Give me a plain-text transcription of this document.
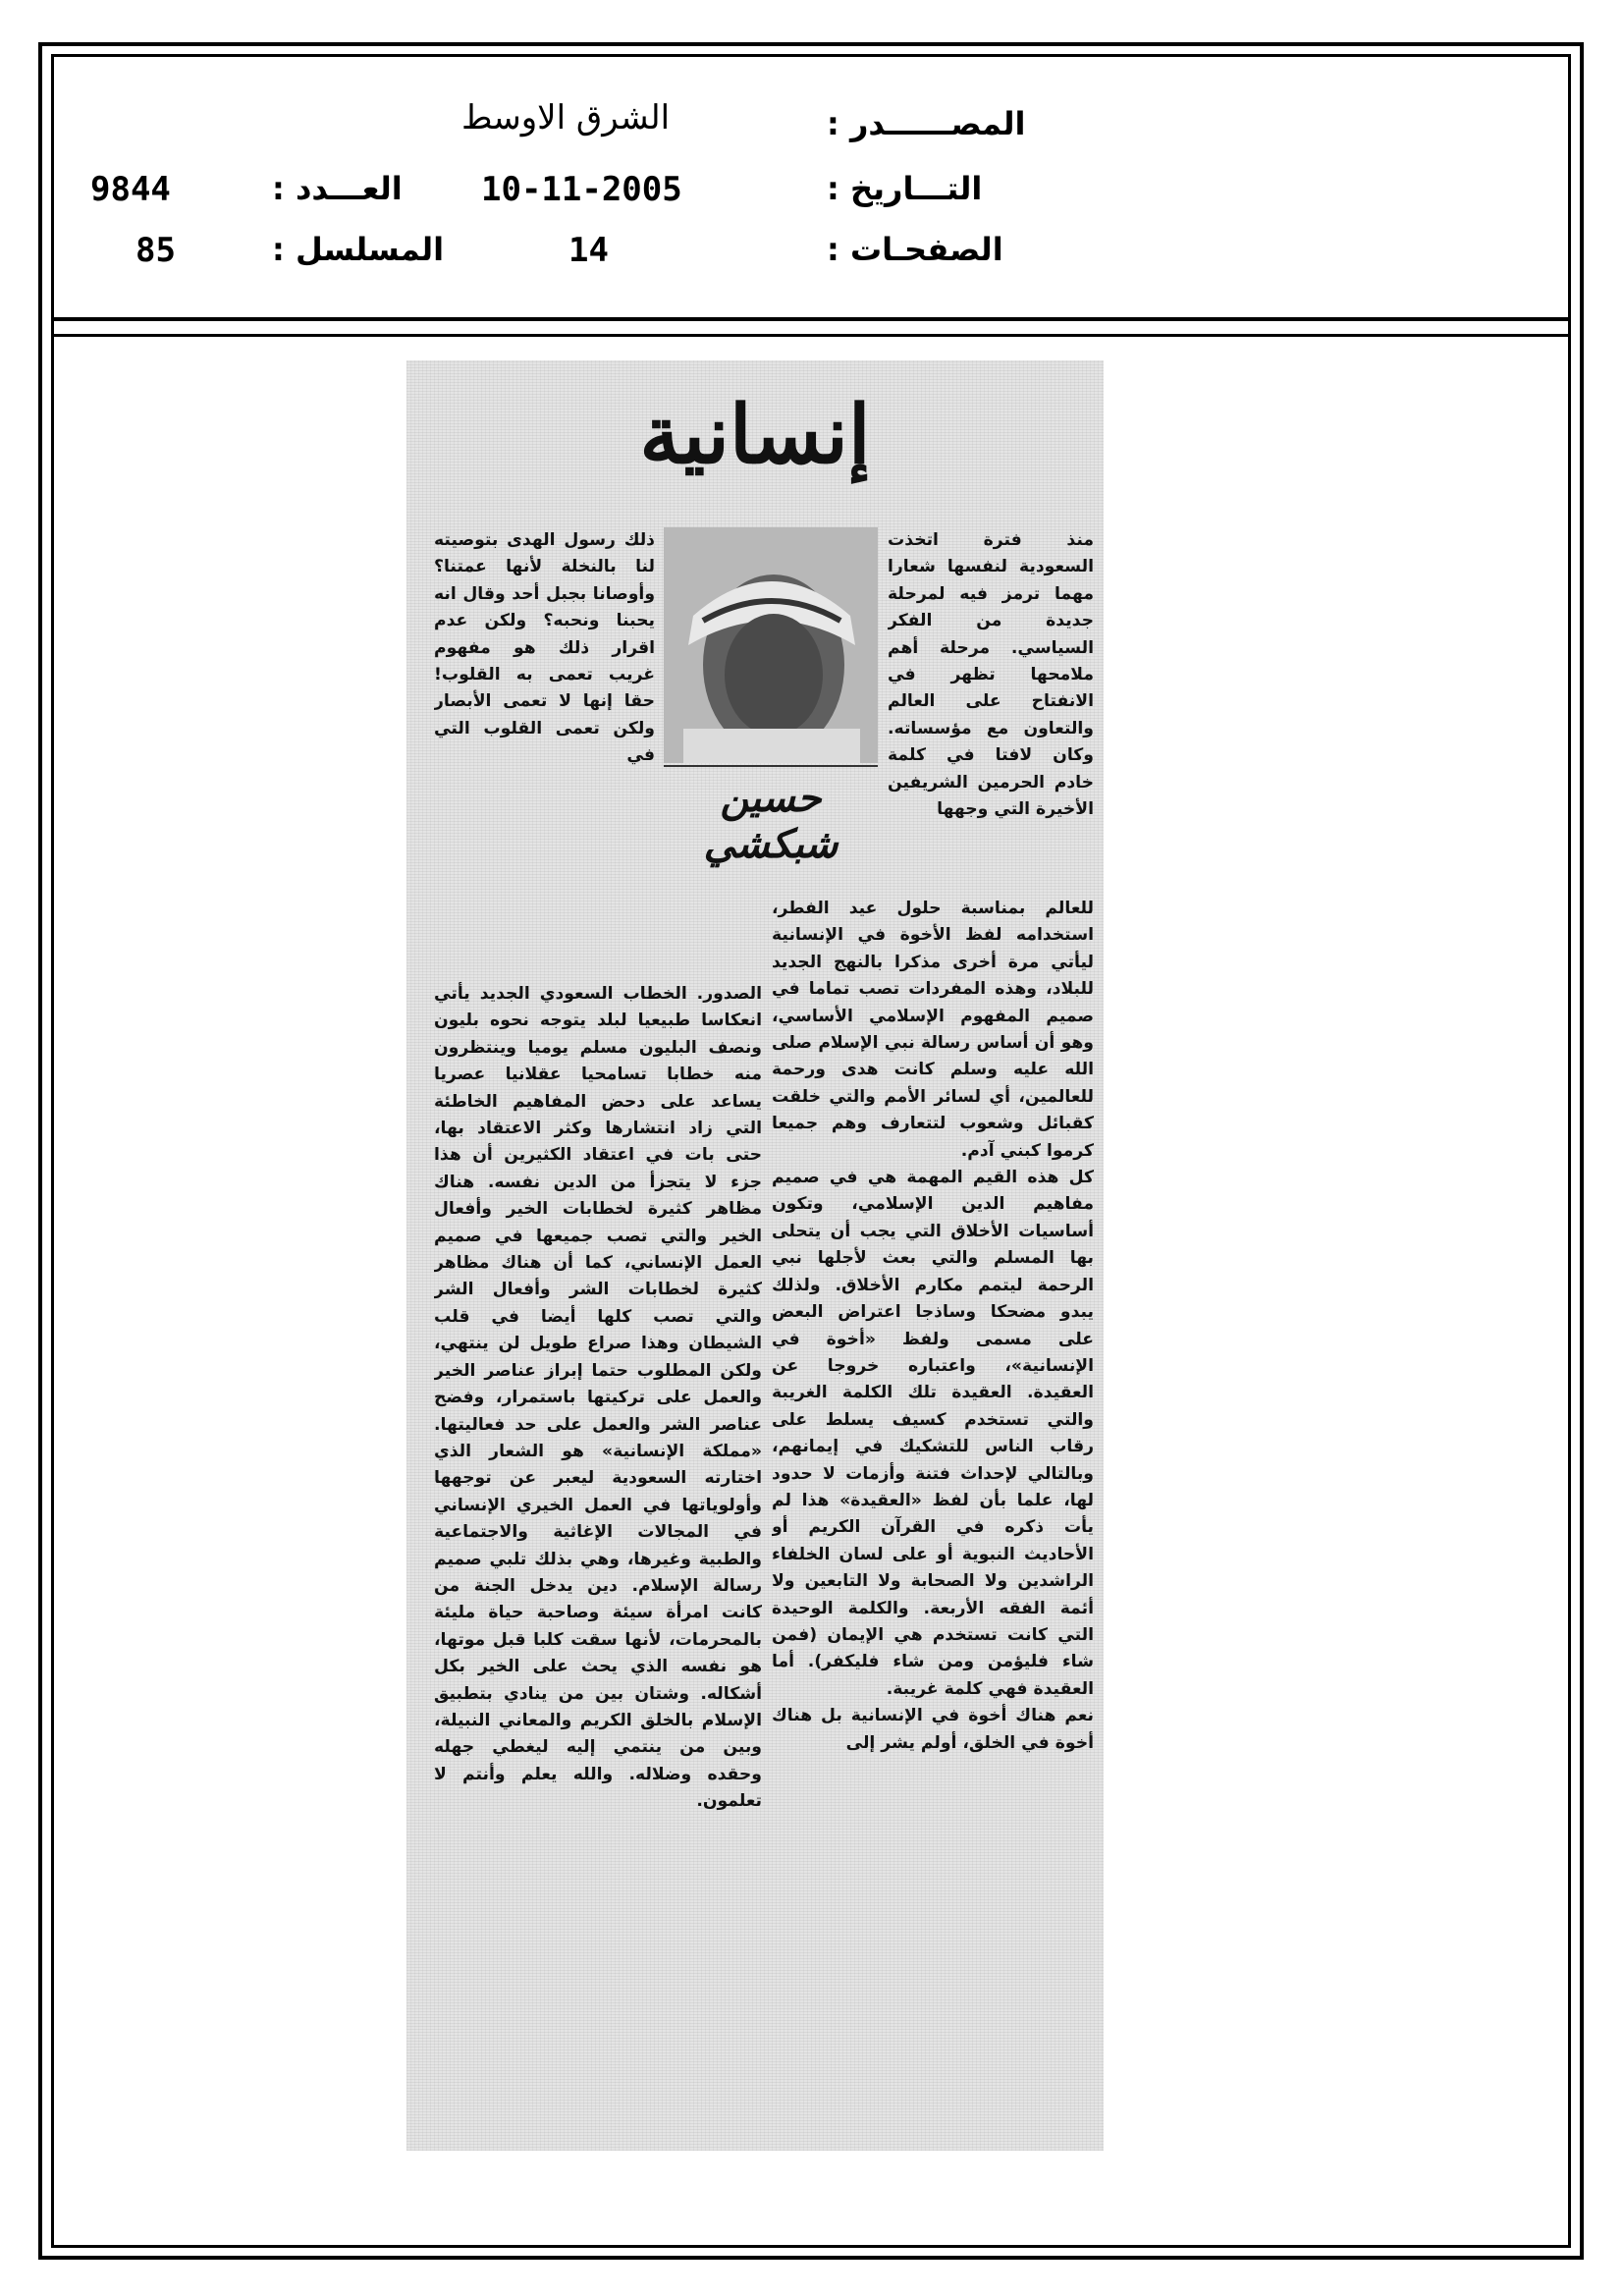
المصــــــدر :
الشرق الاوسط
التـــاريخ :
10-11-2005
العـــدد :
9844
الصفحـات :
14
المسلسل :
85
إنسانية
منذ فترة اتخذت السعودية لنفسها شعارا مهما ترمز فيه لمرحلة جديدة من الفكر السياسي. مرحلة أهم ملامحها تظهر في الانفتاح على العالم والتعاون مع مؤسساته. وكان لافتا في كلمة خادم الحرمين الشريفين الأخيرة التي وجهها
حسين شبكشي
ذلك رسول الهدى بتوصيته لنا بالنخلة لأنها عمتنا؟ وأوصانا بجبل أحد وقال انه يحبنا ونحبه؟ ولكن عدم اقرار ذلك هو مفهوم غريب تعمى به القلوب! حقا إنها لا تعمى الأبصار ولكن تعمى القلوب التي في
للعالم بمناسبة حلول عيد الفطر، استخدامه لفظ الأخوة في الإنسانية ليأتي مرة أخرى مذكرا بالنهج الجديد للبلاد، وهذه المفردات تصب تماما في صميم المفهوم الإسلامي الأساسي، وهو أن أساس رسالة نبي الإسلام صلى الله عليه وسلم كانت هدى ورحمة للعالمين، أي لسائر الأمم والتي خلقت كقبائل وشعوب لتتعارف وهم جميعا كرموا كبني آدم.
كل هذه القيم المهمة هي في صميم مفاهيم الدين الإسلامي، وتكون أساسيات الأخلاق التي يجب أن يتحلى بها المسلم والتي بعث لأجلها نبي الرحمة ليتمم مكارم الأخلاق. ولذلك يبدو مضحكا وساذجا اعتراض البعض على مسمى ولفظ «أخوة في الإنسانية»، واعتباره خروجا عن العقيدة. العقيدة تلك الكلمة الغريبة والتي تستخدم كسيف يسلط على رقاب الناس للتشكيك في إيمانهم، وبالتالي لإحداث فتنة وأزمات لا حدود لها، علما بأن لفظ «العقيدة» هذا لم يأت ذكره في القرآن الكريم أو الأحاديث النبوية أو على لسان الخلفاء الراشدين ولا الصحابة ولا التابعين ولا أئمة الفقه الأربعة. والكلمة الوحيدة التي كانت تستخدم هي الإيمان (فمن شاء فليؤمن ومن شاء فليكفر). أما العقيدة فهي كلمة غريبة.
نعم هناك أخوة في الإنسانية بل هناك أخوة في الخلق، أولم يشر إلى
الصدور. الخطاب السعودي الجديد يأتي انعكاسا طبيعيا لبلد يتوجه نحوه بليون ونصف البليون مسلم يوميا وينتظرون منه خطابا تسامحيا عقلانيا عصريا يساعد على دحض المفاهيم الخاطئة التي زاد انتشارها وكثر الاعتقاد بها، حتى بات في اعتقاد الكثيرين أن هذا جزء لا يتجزأ من الدين نفسه. هناك مظاهر كثيرة لخطابات الخير وأفعال الخير والتي تصب جميعها في صميم العمل الإنساني، كما أن هناك مظاهر كثيرة لخطابات الشر وأفعال الشر والتي تصب كلها أيضا في قلب الشيطان وهذا صراع طويل لن ينتهي، ولكن المطلوب حتما إبراز عناصر الخير والعمل على تركيتها باستمرار، وفضح عناصر الشر والعمل على حد فعاليتها. «مملكة الإنسانية» هو الشعار الذي اختارته السعودية ليعبر عن توجهها وأولوياتها في العمل الخيري الإنساني في المجالات الإغاثية والاجتماعية والطبية وغيرها، وهي بذلك تلبي صميم رسالة الإسلام. دين يدخل الجنة من كانت امرأة سيئة وصاحبة حياة مليئة بالمحرمات، لأنها سقت كلبا قبل موتها، هو نفسه الذي يحث على الخير بكل أشكاله. وشتان بين من ينادي بتطبيق الإسلام بالخلق الكريم والمعاني النبيلة، وبين من ينتمي إليه ليغطي جهله وحقده وضلاله. والله يعلم وأنتم لا تعلمون.
